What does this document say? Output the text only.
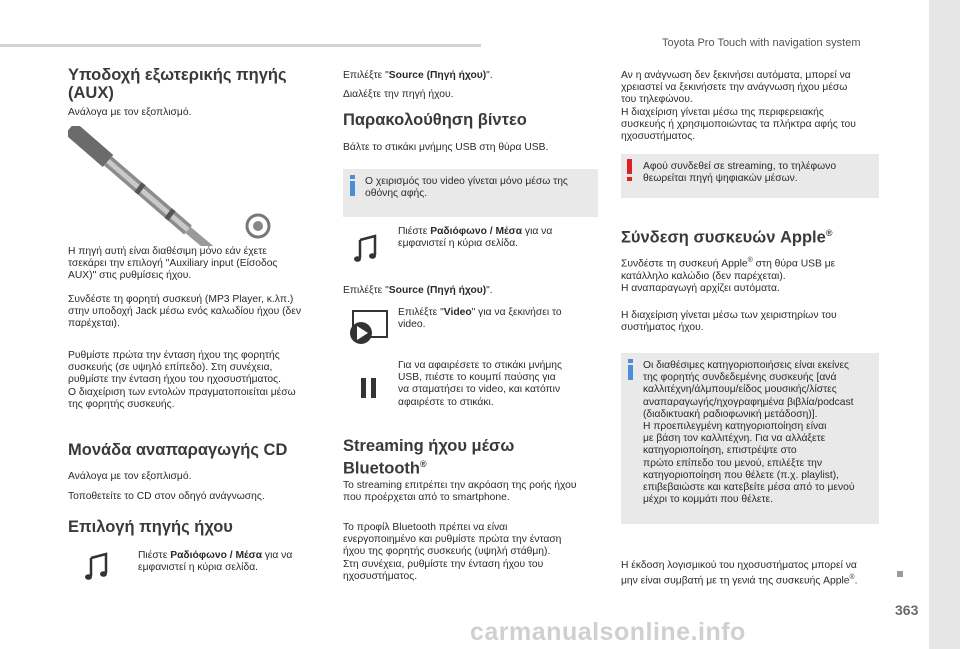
Toyota Pro Touch with navigation system
363
carmanualsonline.info
Υποδοχή εξωτερικής πηγής (AUX)

Ανάλογα με τον εξοπλισμό.

Η πηγή αυτή είναι διαθέσιμη μόνο εάν έχετε
τσεκάρει την επιλογή "Auxiliary input (Είσοδος
AUX)" στις ρυθμίσεις ήχου.

Συνδέστε τη φορητή συσκευή (MP3 Player, κ.λπ.)
στην υποδοχή Jack μέσω ενός καλωδίου ήχου (δεν
παρέχεται).

Ρυθμίστε πρώτα την ένταση ήχου της φορητής
συσκευής (σε υψηλό επίπεδο). Στη συνέχεια,
ρυθμίστε την ένταση ήχου του ηχοσυστήματος.
Ο διαχείριση των εντολών πραγματοποιείται μέσω
της φορητής συσκευής.

Μονάδα αναπαραγωγής CD

Ανάλογα με τον εξοπλισμό.

Τοποθετείτε το CD στον οδηγό ανάγνωσης.

Επιλογή πηγής ήχου

Πιέστε Ραδιόφωνο / Μέσα για να
εμφανιστεί η κύρια σελίδα.

Επιλέξτε "Source (Πηγή ήχου)".

Διαλέξτε την πηγή ήχου.

Παρακολούθηση βίντεο

Βάλτε το στικάκι μνήμης USB στη θύρα USB.

Ο χειρισμός του video γίνεται μόνο μέσω της
οθόνης αφής.

Πιέστε Ραδιόφωνο / Μέσα για να
εμφανιστεί η κύρια σελίδα.

Επιλέξτε "Source (Πηγή ήχου)".

Επιλέξτε "Video" για να ξεκινήσει το
video.

Για να αφαιρέσετε το στικάκι μνήμης
USB, πιέστε το κουμπί παύσης για
να σταματήσει το video, και κατόπιν
αφαιρέστε το στικάκι.

Streaming ήχου μέσω
Bluetooth®

Το streaming επιτρέπει την ακρόαση της ροής ήχου
που προέρχεται από το smartphone.

Το προφίλ Bluetooth πρέπει να είναι
ενεργοποιημένο και ρυθμίστε πρώτα την ένταση
ήχου της φορητής συσκευής (υψηλή στάθμη).
Στη συνέχεια, ρυθμίστε την ένταση ήχου του
ηχοσυστήματος.

Αν η ανάγνωση δεν ξεκινήσει αυτόματα, μπορεί να
χρειαστεί να ξεκινήσετε την ανάγνωση ήχου μέσω
του τηλεφώνου.
Η διαχείριση γίνεται μέσω της περιφερειακής
συσκευής ή χρησιμοποιώντας τα πλήκτρα αφής του
ηχοσυστήματος.

Αφού συνδεθεί σε streaming, το τηλέφωνο
θεωρείται πηγή ψηφιακών μέσων.

Σύνδεση συσκευών Apple®

Συνδέστε τη συσκευή Apple® στη θύρα USB με
κατάλληλο καλώδιο (δεν παρέχεται).
Η αναπαραγωγή αρχίζει αυτόματα.

Η διαχείριση γίνεται μέσω των χειριστηρίων του
συστήματος ήχου.

Οι διαθέσιμες κατηγοριοποιήσεις είναι εκείνες
της φορητής συνδεδεμένης συσκευής [ανά
καλλιτέχνη/άλμπουμ/είδος μουσικής/λίστες
αναπαραγωγής/ηχογραφημένα βιβλία/podcast
(διαδικτυακή ραδιοφωνική μετάδοση)].
Η προεπιλεγμένη κατηγοριοποίηση είναι
με βάση τον καλλιτέχνη. Για να αλλάξετε
κατηγοριοποίηση, επιστρέψτε στο
πρώτο επίπεδο του μενού, επιλέξτε την
κατηγοριοποίηση που θέλετε (π.χ. playlist),
επιβεβαιώστε και κατεβείτε μέσα από το μενού
μέχρι το κομμάτι που θέλετε.

Η έκδοση λογισμικού του ηχοσυστήματος μπορεί να
μην είναι συμβατή με τη γενιά της συσκευής Apple®.
